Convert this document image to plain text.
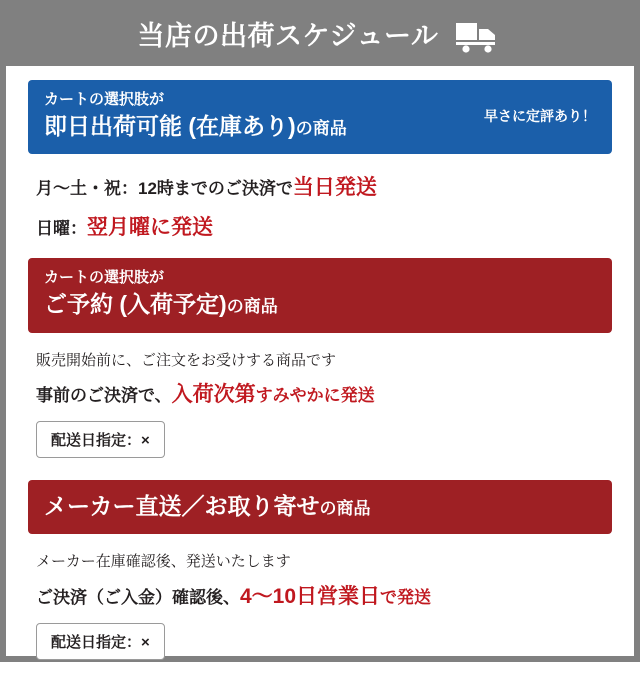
当店の出荷スケジュール
カートの選択肢が
即日出荷可能 (在庫あり)の商品
早さに定評あり！
月〜土・祝：12時までのご決済で当日発送
日曜：翌月曜に発送
カートの選択肢が
ご予約 (入荷予定)の商品
販売開始前に、ご注文をお受けする商品です
事前のご決済で、入荷次第すみやかに発送
配送日指定：×
メーカー直送／お取り寄せの商品
メーカー在庫確認後、発送いたします
ご決済（ご入金）確認後、4〜10日営業日で発送
配送日指定：×
